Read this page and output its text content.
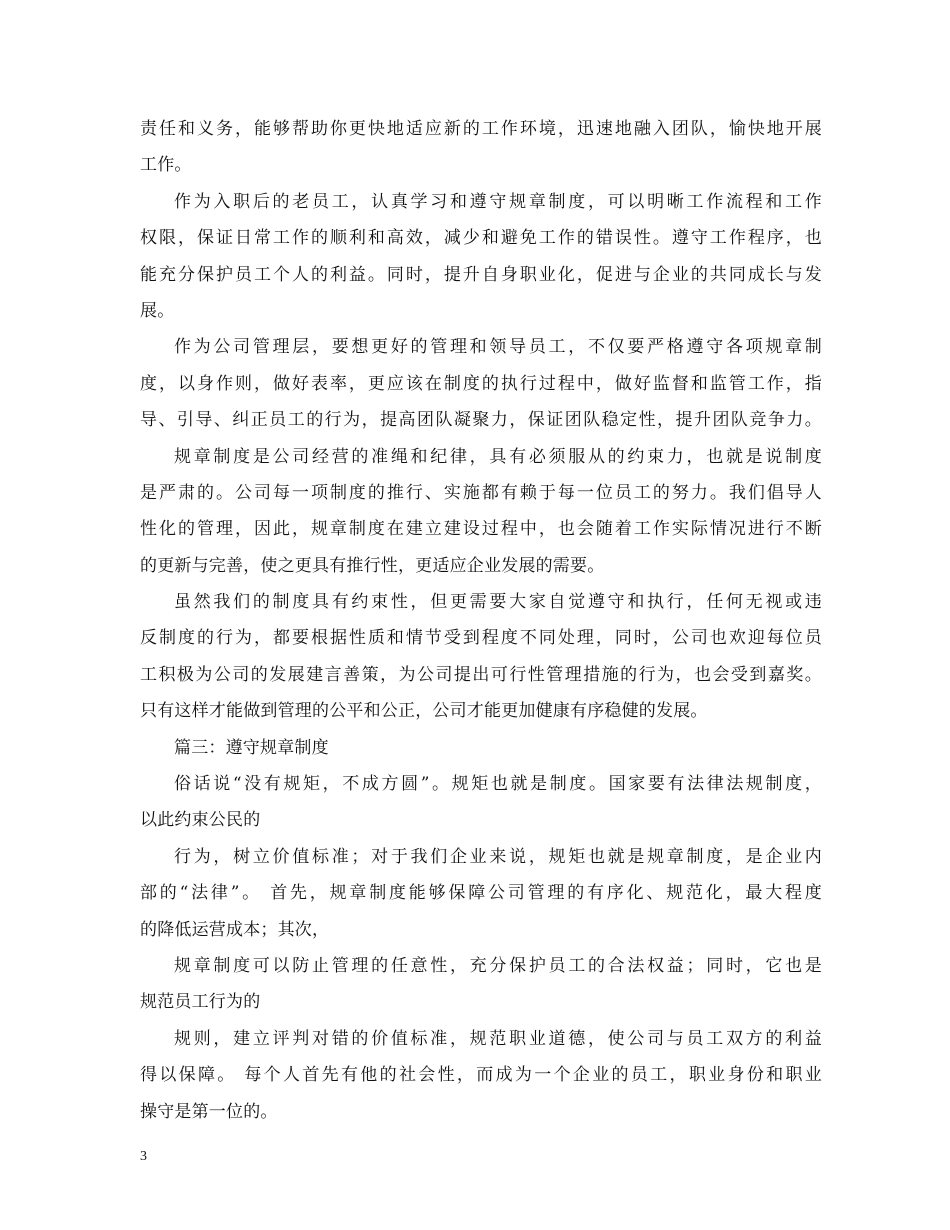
责任和义务，能够帮助你更快地适应新的工作环境，迅速地融入团队，愉快地开展
工作。
作为入职后的老员工，认真学习和遵守规章制度，可以明晰工作流程和工作
权限，保证日常工作的顺利和高效，减少和避免工作的错误性。遵守工作程序，也
能充分保护员工个人的利益。同时，提升自身职业化，促进与企业的共同成长与发
展。
作为公司管理层，要想更好的管理和领导员工，不仅要严格遵守各项规章制
度，以身作则，做好表率，更应该在制度的执行过程中，做好监督和监管工作，指
导、引导、纠正员工的行为，提高团队凝聚力，保证团队稳定性，提升团队竞争力。
规章制度是公司经营的准绳和纪律，具有必须服从的约束力，也就是说制度
是严肃的。公司每一项制度的推行、实施都有赖于每一位员工的努力。我们倡导人
性化的管理，因此，规章制度在建立建设过程中，也会随着工作实际情况进行不断
的更新与完善，使之更具有推行性，更适应企业发展的需要。
虽然我们的制度具有约束性，但更需要大家自觉遵守和执行，任何无视或违
反制度的行为，都要根据性质和情节受到程度不同处理，同时，公司也欢迎每位员
工积极为公司的发展建言善策，为公司提出可行性管理措施的行为，也会受到嘉奖。
只有这样才能做到管理的公平和公正，公司才能更加健康有序稳健的发展。
篇三：遵守规章制度
俗话说“没有规矩，不成方圆”。规矩也就是制度。国家要有法律法规制度，
以此约束公民的
行为，树立价值标准；对于我们企业来说，规矩也就是规章制度，是企业内
部的“法律”。 首先，规章制度能够保障公司管理的有序化、规范化，最大程度
的降低运营成本；其次，
规章制度可以防止管理的任意性，充分保护员工的合法权益；同时，它也是
规范员工行为的
规则，建立评判对错的价值标准，规范职业道德，使公司与员工双方的利益
得以保障。 每个人首先有他的社会性，而成为一个企业的员工，职业身份和职业
操守是第一位的。
3
